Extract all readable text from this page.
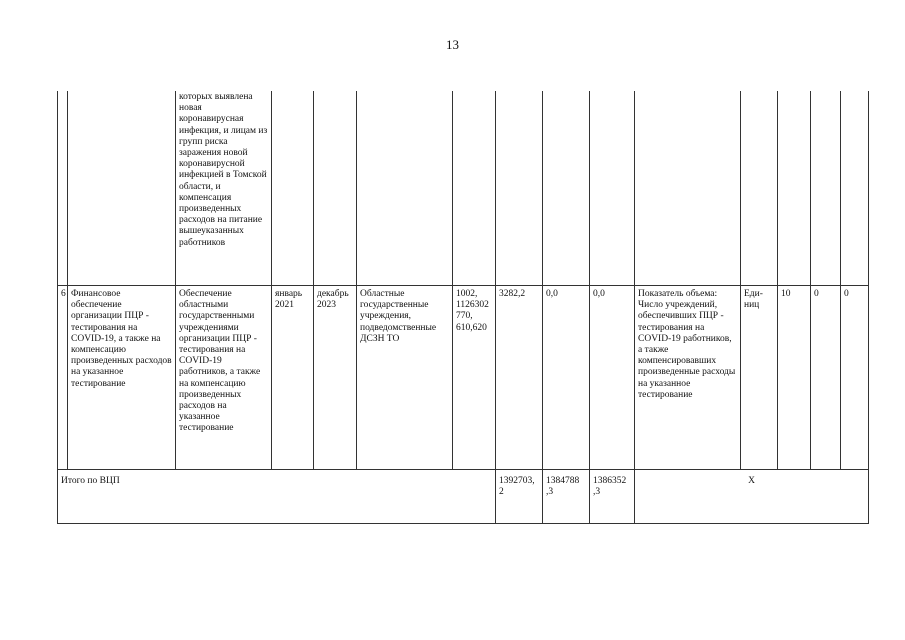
13
		которых выявлена новая коронавирусная инфекция, и лицам из групп риска заражения новой коронавирусной инфекцией в Томской области, и компенсация произведенных расходов на питание вышеуказанных работников												
6	Финансовое обеспечение организации ПЦР - тестирования на COVID-19, а также на компенсацию произведенных расходов на указанное тестирование	Обеспечение областными государственными учреждениями организации ПЦР - тестирования на COVID-19 работников, а также на компенсацию произведенных расходов на указанное тестирование	январь 2021	декабрь 2023	Областные государственные учреждения, подведомственные ДСЗН ТО	1002, 1126302 770, 610,620	3282,2	0,0	0,0	Показатель объема: Число учреждений, обеспечивших ПЦР - тестирования на COVID-19 работников, а также компенсировавших произведенные расходы на указанное тестирование	Еди-ниц	10	0	0
Итого по ВЦП							1392703, 2	1384788 ,3	1386352 ,3	Х				
